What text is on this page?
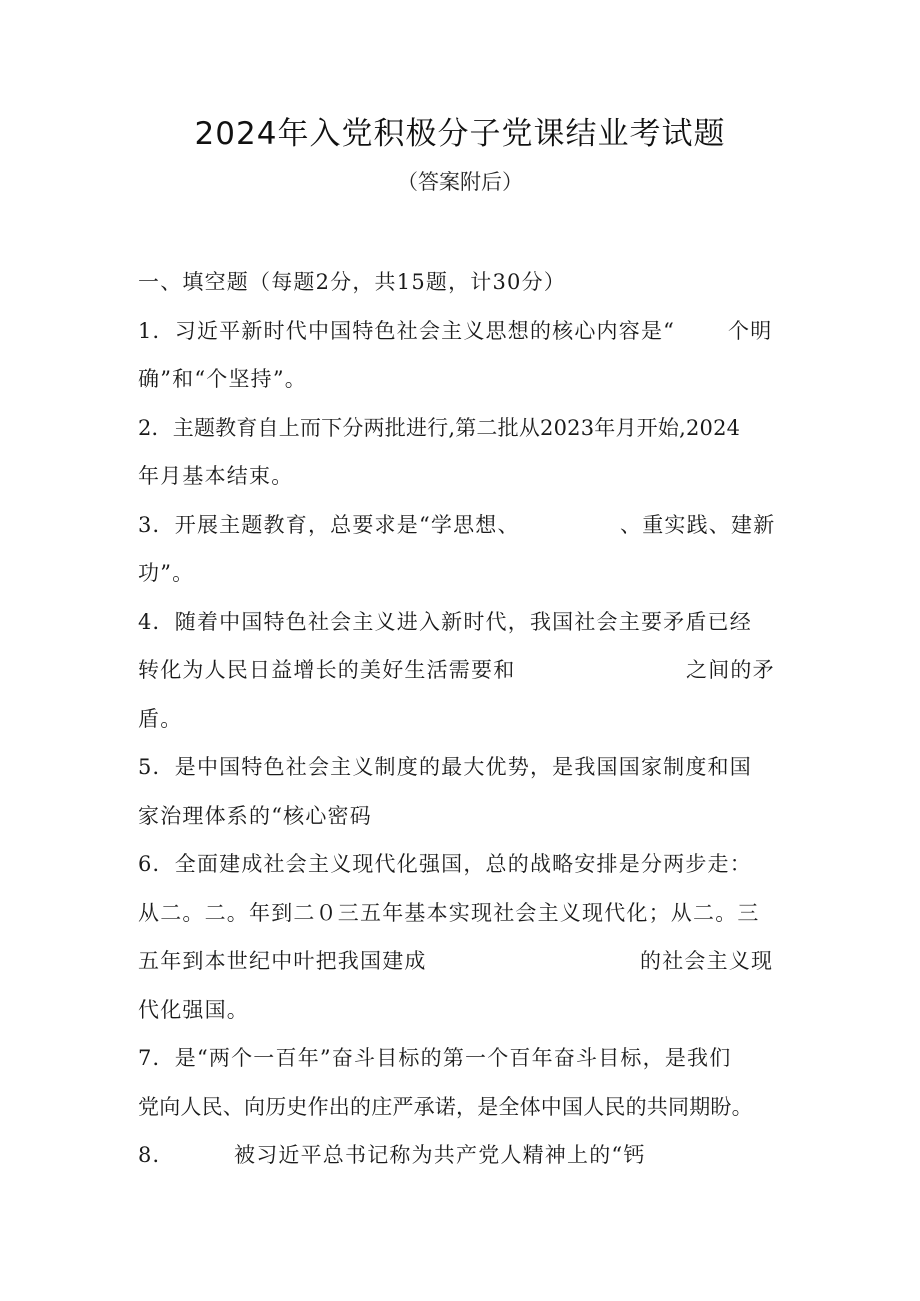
2024年入党积极分子党课结业考试题
（答案附后）
一、填空题（每题2分，共15题，计30分）
1．习近平新时代中国特色社会主义思想的核心内容是“	个明
确”和“个坚持”。
2．主题教育自上而下分两批进行,第二批从2023年月开始,2024
年月基本结束。
3．开展主题教育，总要求是“学思想、	、重实践、建新
功”。
4．随着中国特色社会主义进入新时代，我国社会主要矛盾已经
转化为人民日益增长的美好生活需要和	之间的矛
盾。
5．是中国特色社会主义制度的最大优势，是我国国家制度和国
家治理体系的“核心密码
6．全面建成社会主义现代化强国，总的战略安排是分两步走：
从二。二。年到二０三五年基本实现社会主义现代化；从二。三
五年到本世纪中叶把我国建成	的社会主义现
代化强国。
7．是“两个一百年”奋斗目标的第一个百年奋斗目标，是我们
党向人民、向历史作出的庄严承诺，是全体中国人民的共同期盼。
8．	被习近平总书记称为共产党人精神上的“钙
